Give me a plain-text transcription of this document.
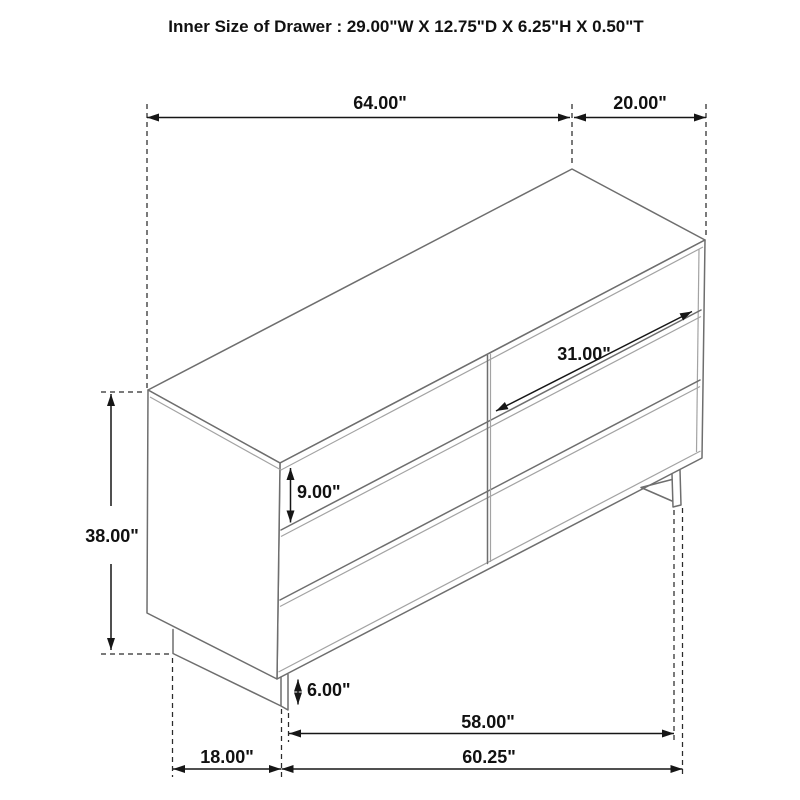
Inner Size of Drawer : 29.00"W X 12.75"D X 6.25"H X 0.50"T
64.00"	20.00"
38.00"
9.00"
31.00"
6.00"
58.00"
60.25"
18.00"
